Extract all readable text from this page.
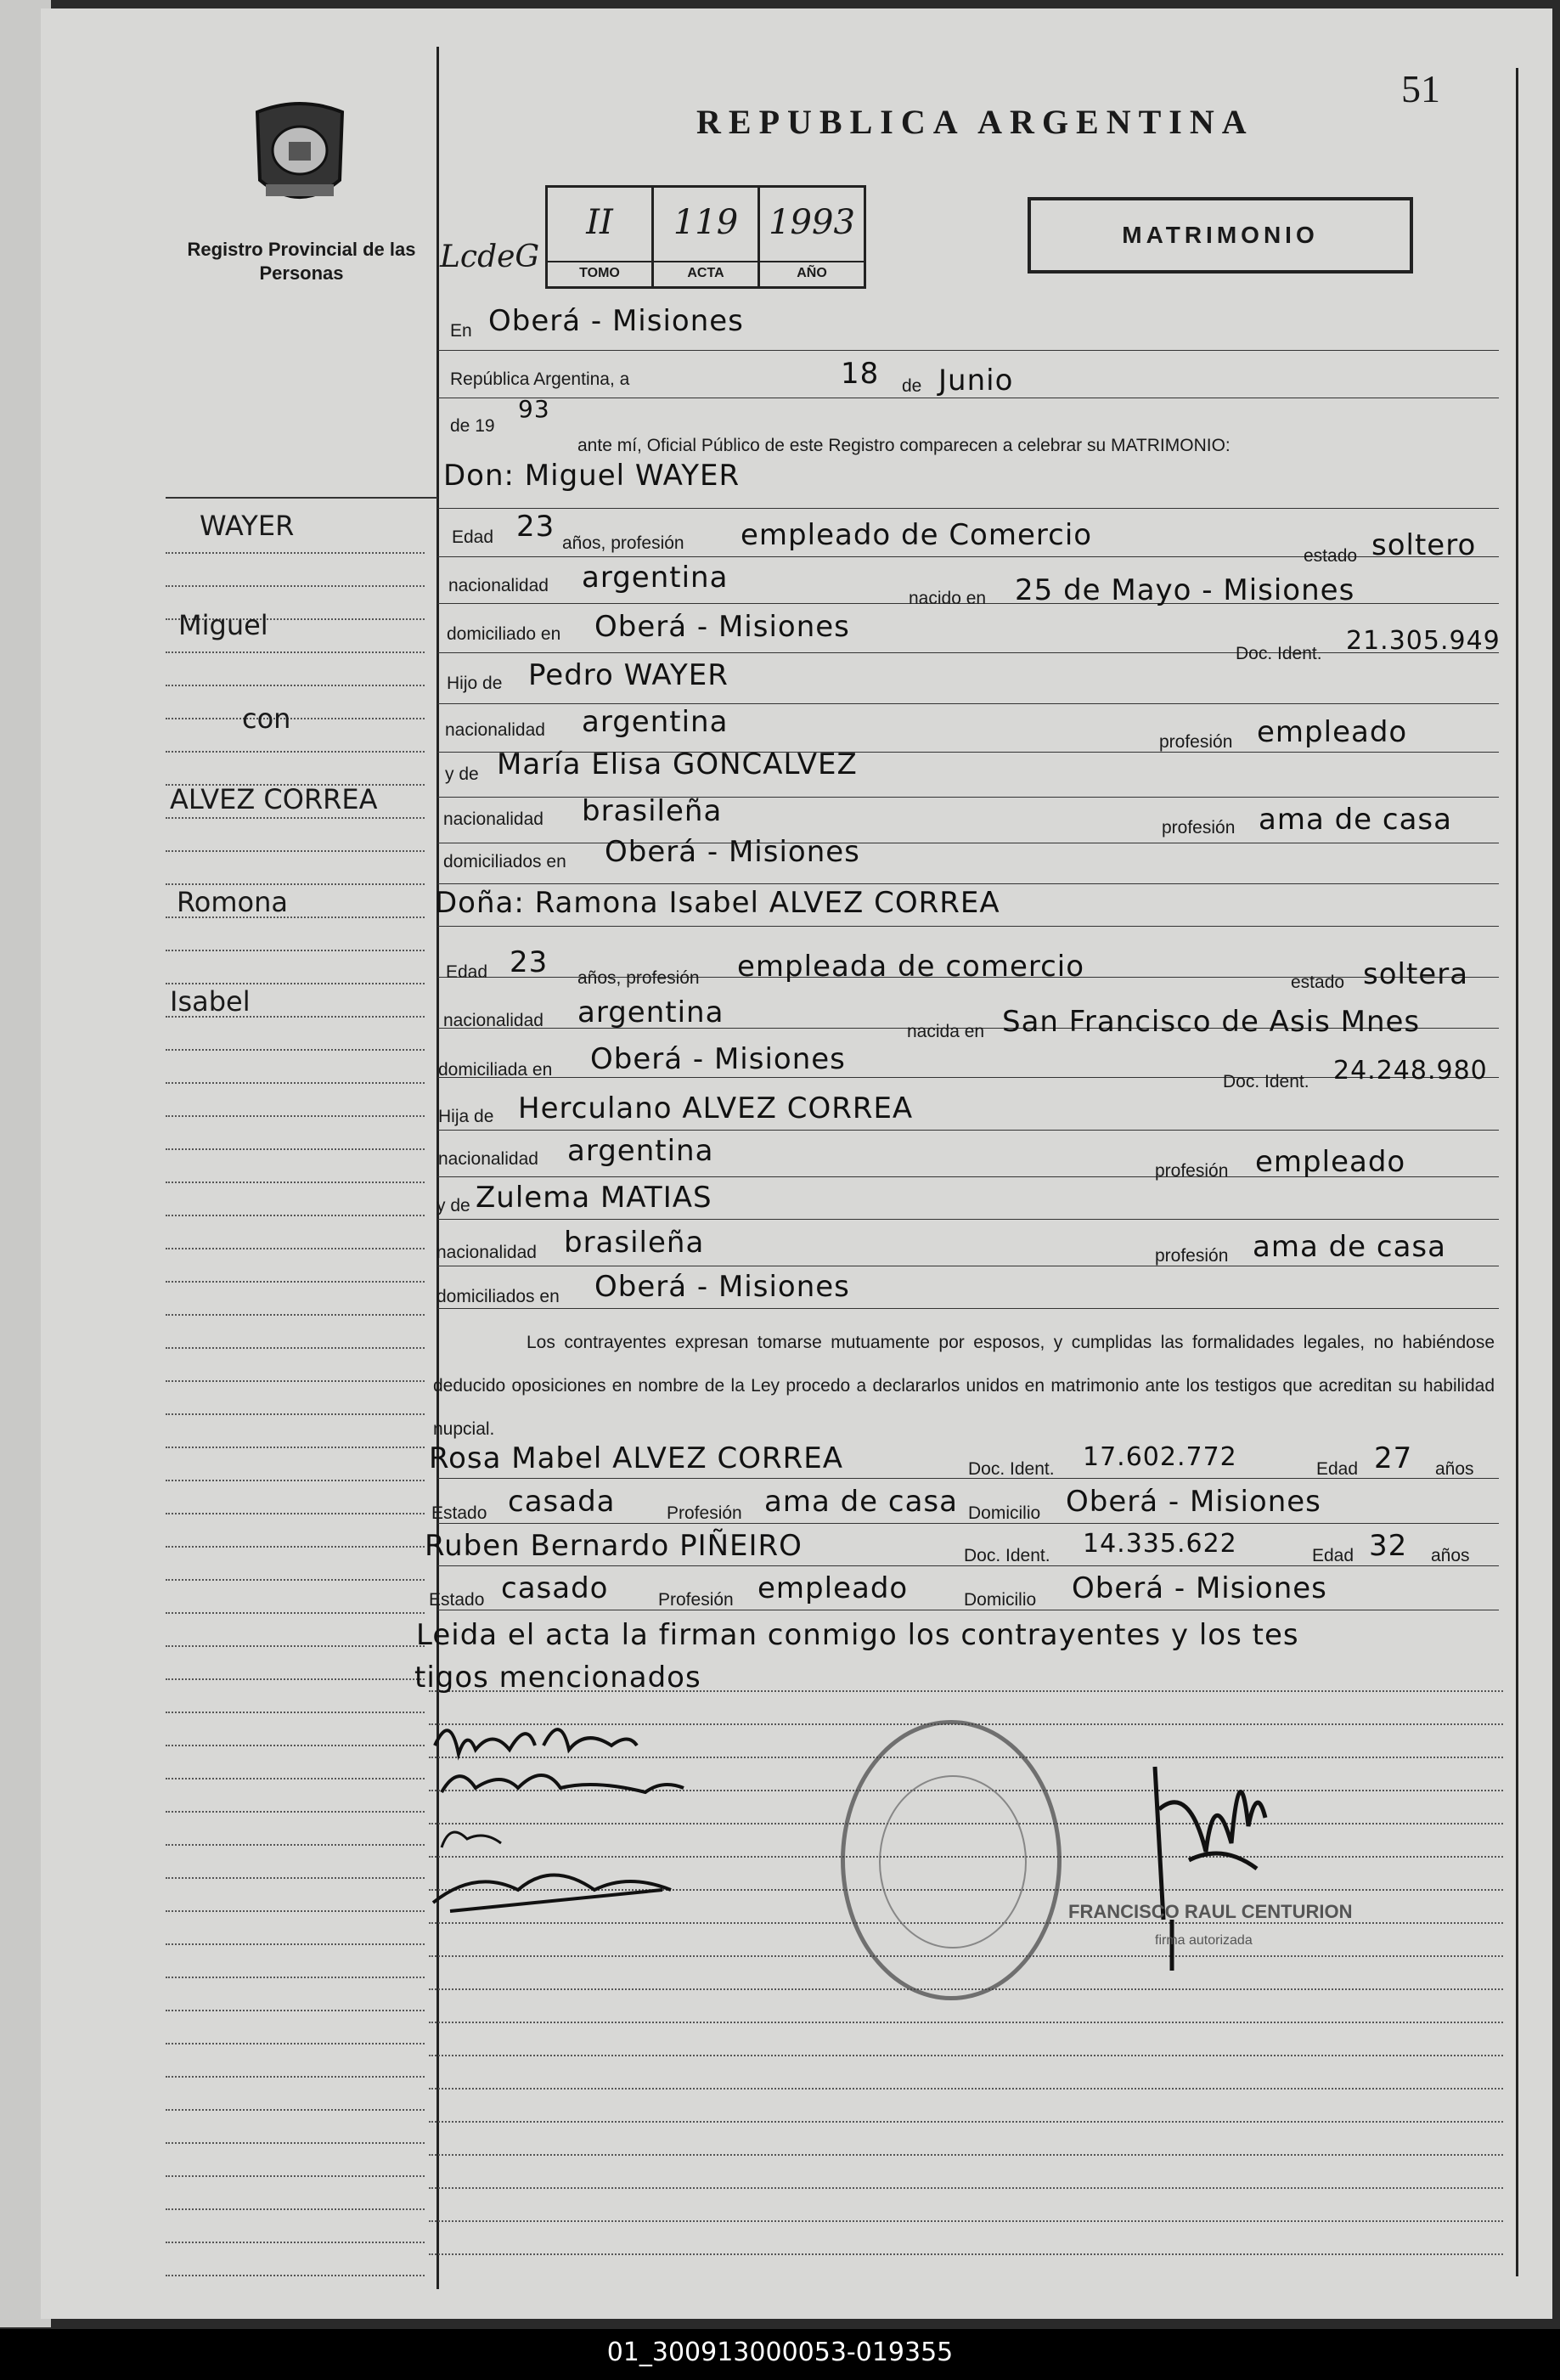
51
REPUBLICA ARGENTINA
Registro Provincial de las Personas	LcdeG
II
TOMO
119
ACTA
1993
AÑO
MATRIMONIO
WAYER
Miguel
con
ALVEZ CORREA
Romona
Isabel
En Oberá - Misiones
República Argentina, a	18 de Junio
de 19
93
ante mí, Oficial Público de este Registro comparecen a celebrar su MATRIMONIO:
Don: Miguel WAYER
Edad 23 años, profesión empleado de Comercio
estado soltero
nacionalidad argentina
nacido en 25 de Mayo - Misiones
domiciliado en Oberá - Misiones
Doc. Ident. 21.305.949
Hijo de Pedro WAYER
nacionalidad argentina
profesión empleado
y de María Elisa GONCALVEZ
nacionalidad brasileña	profesión ama de casa
domiciliados en Oberá - Misiones
Doña: Ramona Isabel ALVEZ CORREA
Edad 23 años, profesión empleada de comercio	estado soltera
nacionalidad argentina
nacida en San Francisco de Asis Mnes
domiciliada en Oberá - Misiones
Doc. Ident. 24.248.980
Hija de Herculano ALVEZ CORREA
nacionalidad argentina
profesión empleado
y de Zulema MATIAS
nacionalidad brasileña	profesión ama de casa
domiciliados en Oberá - Misiones
Los contrayentes expresan tomarse mutuamente por esposos, y cumplidas las formalidades legales, no habiéndose deducido oposiciones en nombre de la Ley procedo a declararlos unidos en matrimonio ante los testigos que acreditan su habilidad nupcial.
Rosa Mabel ALVEZ CORREA	Doc. Ident. 17.602.772	Edad 27 años
Estado casada	Profesión ama de casa Domicilio Oberá - Misiones
Ruben Bernardo PIÑEIRO	Doc. Ident. 14.335.622	Edad 32 años
Estado casado	Profesión empleado	Domicilio Oberá - Misiones
Leida el acta la firman conmigo los contrayentes y los tes
tigos mencionados
FRANCISCO RAUL CENTURION
firma autorizada
01_300913000053-019355
